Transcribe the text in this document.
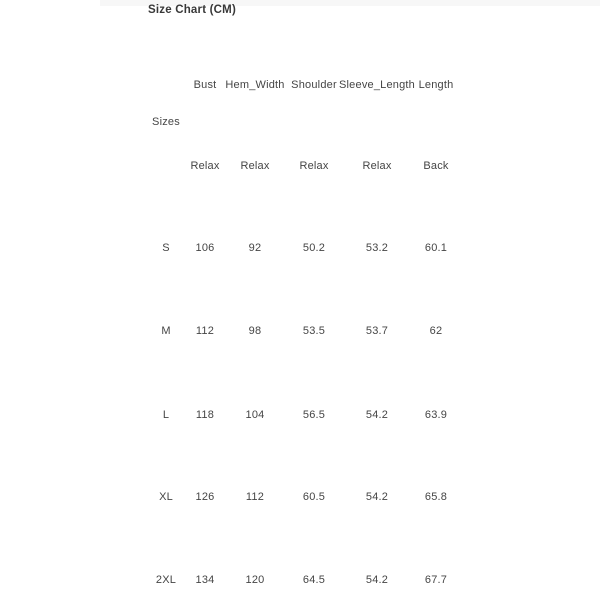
Size Chart (CM)
Bust Hem_Width Shoulder Sleeve_Length Length
Sizes
Relax Relax	Relax	Relax	Back
S 106	92	50.2	53.2	60.1
M 112	98	53.5	53.7	62
L 118	104	56.5	54.2	63.9
XL 126	112	60.5	54.2	65.8
2XL 134	120	64.5	54.2	67.7
